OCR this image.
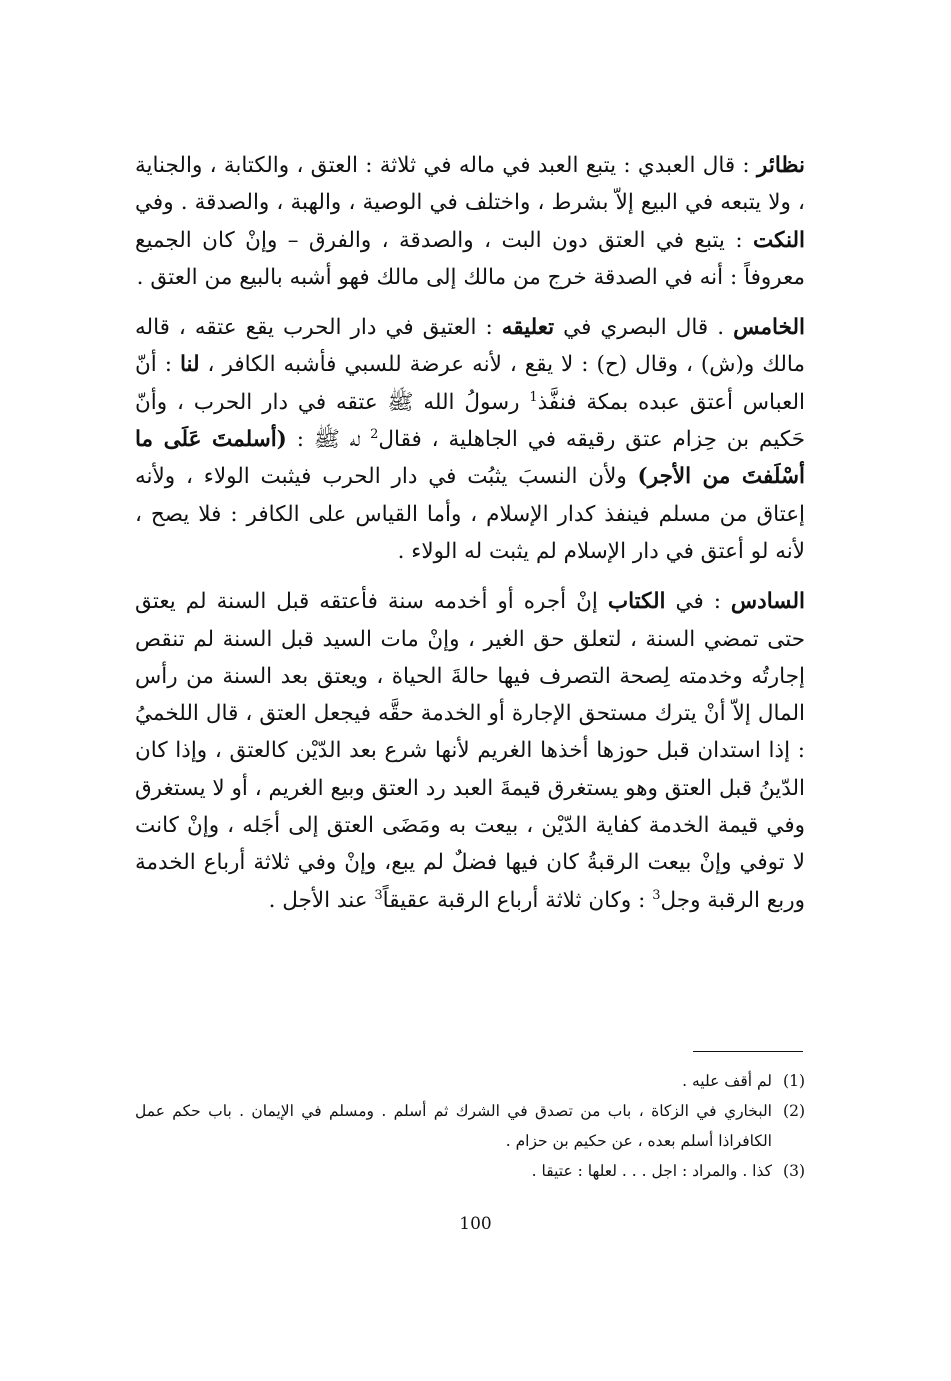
نظائر : قال العبدي : يتبع العبد في ماله في ثلاثة : العتق ، والكتابة ، والجناية ، ولا يتبعه في البيع إلاّ بشرط ، واختلف في الوصية ، والهبة ، والصدقة . وفي النكت : يتبع في العتق دون البت ، والصدقة ، والفرق – وإنْ كان الجميع معروفاً : أنه في الصدقة خرج من مالك إلى مالك فهو أشبه بالبيع من العتق .

الخامس . قال البصري في تعليقه : العتيق في دار الحرب يقع عتقه ، قاله مالك و(ش) ، وقال (ح) : لا يقع ، لأنه عرضة للسبي فأشبه الكافر ، لنا : أنّ العباس أعتق عبده بمكة فنفَّذ$^1$ رسولُ الله ﷺ عتقه في دار الحرب ، وأنّ حَكيم بن حِزام عتق رقيقه في الجاهلية ، فقال$^2$ له ﷺ : (أسلمتَ عَلَى ما أسْلَفتَ من الأجر) ولأن النسبَ يثبُت في دار الحرب فيثبت الولاء ، ولأنه إعتاق من مسلم فينفذ كدار الإسلام ، وأما القياس على الكافر : فلا يصح ، لأنه لو أعتق في دار الإسلام لم يثبت له الولاء .

السادس : في الكتاب إنْ أجره أو أخدمه سنة فأعتقه قبل السنة لم يعتق حتى تمضي السنة ، لتعلق حق الغير ، وإنْ مات السيد قبل السنة لم تنقص إجارتُه وخدمته لِصحة التصرف فيها حالةَ الحياة ، ويعتق بعد السنة من رأس المال إلاّ أنْ يترك مستحق الإجارة أو الخدمة حقَّه فيجعل العتق ، قال اللخميُ : إذا استدان قبل حوزها أخذها الغريم لأنها شرع بعد الدّيْن كالعتق ، وإذا كان الدّينُ قبل العتق وهو يستغرق قيمةَ العبد رد العتق وبيع الغريم ، أو لا يستغرق وفي قيمة الخدمة كفاية الدّيْن ، بيعت به ومَضَى العتق إلى أجَله ، وإنْ كانت لا توفي وإنْ بيعت الرقبةُ كان فيها فضلٌ لم يبع، وإنْ وفي ثلاثة أرباع الخدمة وربع الرقبة وجل$^3$ : وكان ثلاثة أرباع الرقبة عقيقاً$^3$ عند الأجل .

(1)
لم أقف عليه .
(2)
البخاري في الزكاة ، باب من تصدق في الشرك ثم أسلم . ومسلم في الإيمان . باب حكم عمل الكافراذا أسلم بعده ، عن حكيم بن حزام .
(3)
كذا . والمراد : اجل . . . لعلها : عتيقا .
100
